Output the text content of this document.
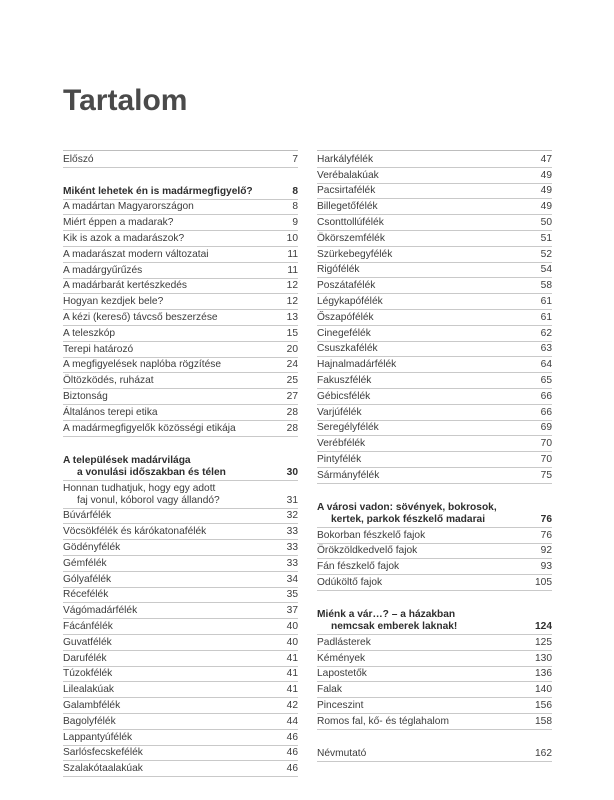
Tartalom
Előszó	7
Miként lehetek én is madármegfigyelő?	8
A madártan Magyarországon	8
Miért éppen a madarak?	9
Kik is azok a madarászok?	10
A madarászat modern változatai	11
A madárgyűrűzés	11
A madárbarát kertészkedés	12
Hogyan kezdjek bele?	12
A kézi (kereső) távcső beszerzése	13
A teleszkóp	15
Terepi határozó	20
A megfigyelések naplóba rögzítése	24
Öltözködés, ruházat	25
Biztonság	27
Általános terepi etika	28
A madármegfigyelők közösségi etikája	28
A települések madárvilága
a vonulási időszakban és télen	30
Honnan tudhatjuk, hogy egy adott
faj vonul, kóborol vagy állandó?	31
Búvárfélék	32
Vöcsökfélék és kárókatonafélék	33
Gödényfélék	33
Gémfélék	33
Gólyafélék	34
Récefélék	35
Vágómadárfélék	37
Fácánfélék	40
Guvatfélék	40
Darufélék	41
Túzokfélék	41
Lilealakúak	41
Galambfélék	42
Bagolyfélék	44
Lappantyúfélék	46
Sarlósfecskefélék	46
Szalakótaalakúak	46
Harkályfélék	47
Verébalakúak	49
Pacsirtafélék	49
Billegetőfélék	49
Csonttollúfélék	50
Ökörszemfélék	51
Szürkebegyfélék	52
Rigófélék	54
Poszátafélék	58
Légykapófélék	61
Őszapófélék	61
Cinegefélék	62
Csuszkafélék	63
Hajnalmadárfélék	64
Fakuszfélék	65
Gébicsfélék	66
Varjúfélék	66
Seregélyfélék	69
Verébfélék	70
Pintyfélék	70
Sármányfélék	75
A városi vadon: sövények, bokrosok,
kertek, parkok fészkelő madarai	76
Bokorban fészkelő fajok	76
Örökzöldkedvelő fajok	92
Fán fészkelő fajok	93
Odúköltő fajok	105
Miénk a vár…? – a házakban
nemcsak emberek laknak!	124
Padlásterek	125
Kémények	130
Lapostetők	136
Falak	140
Pinceszint	156
Romos fal, kő- és téglahalom	158
Névmutató	162
